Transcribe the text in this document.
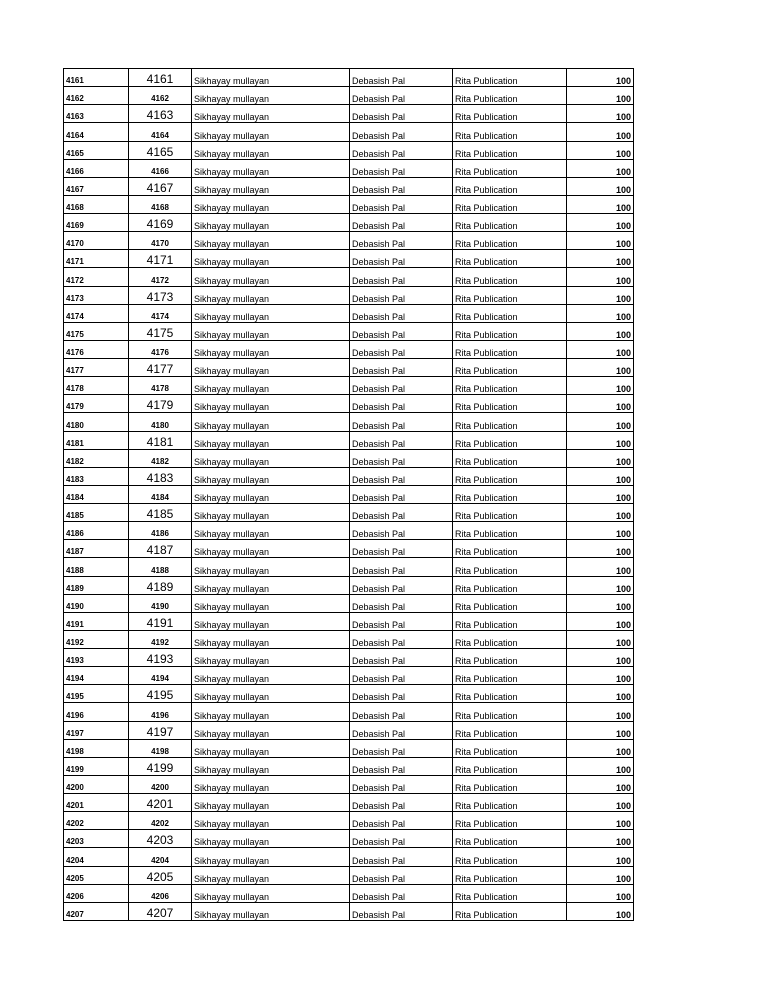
4161	4161	Sikhayay mullayan	Debasish Pal	Rita Publication	100
4162	4162	Sikhayay mullayan	Debasish Pal	Rita Publication	100
4163	4163	Sikhayay mullayan	Debasish Pal	Rita Publication	100
4164	4164	Sikhayay mullayan	Debasish Pal	Rita Publication	100
4165	4165	Sikhayay mullayan	Debasish Pal	Rita Publication	100
4166	4166	Sikhayay mullayan	Debasish Pal	Rita Publication	100
4167	4167	Sikhayay mullayan	Debasish Pal	Rita Publication	100
4168	4168	Sikhayay mullayan	Debasish Pal	Rita Publication	100
4169	4169	Sikhayay mullayan	Debasish Pal	Rita Publication	100
4170	4170	Sikhayay mullayan	Debasish Pal	Rita Publication	100
4171	4171	Sikhayay mullayan	Debasish Pal	Rita Publication	100
4172	4172	Sikhayay mullayan	Debasish Pal	Rita Publication	100
4173	4173	Sikhayay mullayan	Debasish Pal	Rita Publication	100
4174	4174	Sikhayay mullayan	Debasish Pal	Rita Publication	100
4175	4175	Sikhayay mullayan	Debasish Pal	Rita Publication	100
4176	4176	Sikhayay mullayan	Debasish Pal	Rita Publication	100
4177	4177	Sikhayay mullayan	Debasish Pal	Rita Publication	100
4178	4178	Sikhayay mullayan	Debasish Pal	Rita Publication	100
4179	4179	Sikhayay mullayan	Debasish Pal	Rita Publication	100
4180	4180	Sikhayay mullayan	Debasish Pal	Rita Publication	100
4181	4181	Sikhayay mullayan	Debasish Pal	Rita Publication	100
4182	4182	Sikhayay mullayan	Debasish Pal	Rita Publication	100
4183	4183	Sikhayay mullayan	Debasish Pal	Rita Publication	100
4184	4184	Sikhayay mullayan	Debasish Pal	Rita Publication	100
4185	4185	Sikhayay mullayan	Debasish Pal	Rita Publication	100
4186	4186	Sikhayay mullayan	Debasish Pal	Rita Publication	100
4187	4187	Sikhayay mullayan	Debasish Pal	Rita Publication	100
4188	4188	Sikhayay mullayan	Debasish Pal	Rita Publication	100
4189	4189	Sikhayay mullayan	Debasish Pal	Rita Publication	100
4190	4190	Sikhayay mullayan	Debasish Pal	Rita Publication	100
4191	4191	Sikhayay mullayan	Debasish Pal	Rita Publication	100
4192	4192	Sikhayay mullayan	Debasish Pal	Rita Publication	100
4193	4193	Sikhayay mullayan	Debasish Pal	Rita Publication	100
4194	4194	Sikhayay mullayan	Debasish Pal	Rita Publication	100
4195	4195	Sikhayay mullayan	Debasish Pal	Rita Publication	100
4196	4196	Sikhayay mullayan	Debasish Pal	Rita Publication	100
4197	4197	Sikhayay mullayan	Debasish Pal	Rita Publication	100
4198	4198	Sikhayay mullayan	Debasish Pal	Rita Publication	100
4199	4199	Sikhayay mullayan	Debasish Pal	Rita Publication	100
4200	4200	Sikhayay mullayan	Debasish Pal	Rita Publication	100
4201	4201	Sikhayay mullayan	Debasish Pal	Rita Publication	100
4202	4202	Sikhayay mullayan	Debasish Pal	Rita Publication	100
4203	4203	Sikhayay mullayan	Debasish Pal	Rita Publication	100
4204	4204	Sikhayay mullayan	Debasish Pal	Rita Publication	100
4205	4205	Sikhayay mullayan	Debasish Pal	Rita Publication	100
4206	4206	Sikhayay mullayan	Debasish Pal	Rita Publication	100
4207	4207	Sikhayay mullayan	Debasish Pal	Rita Publication	100
